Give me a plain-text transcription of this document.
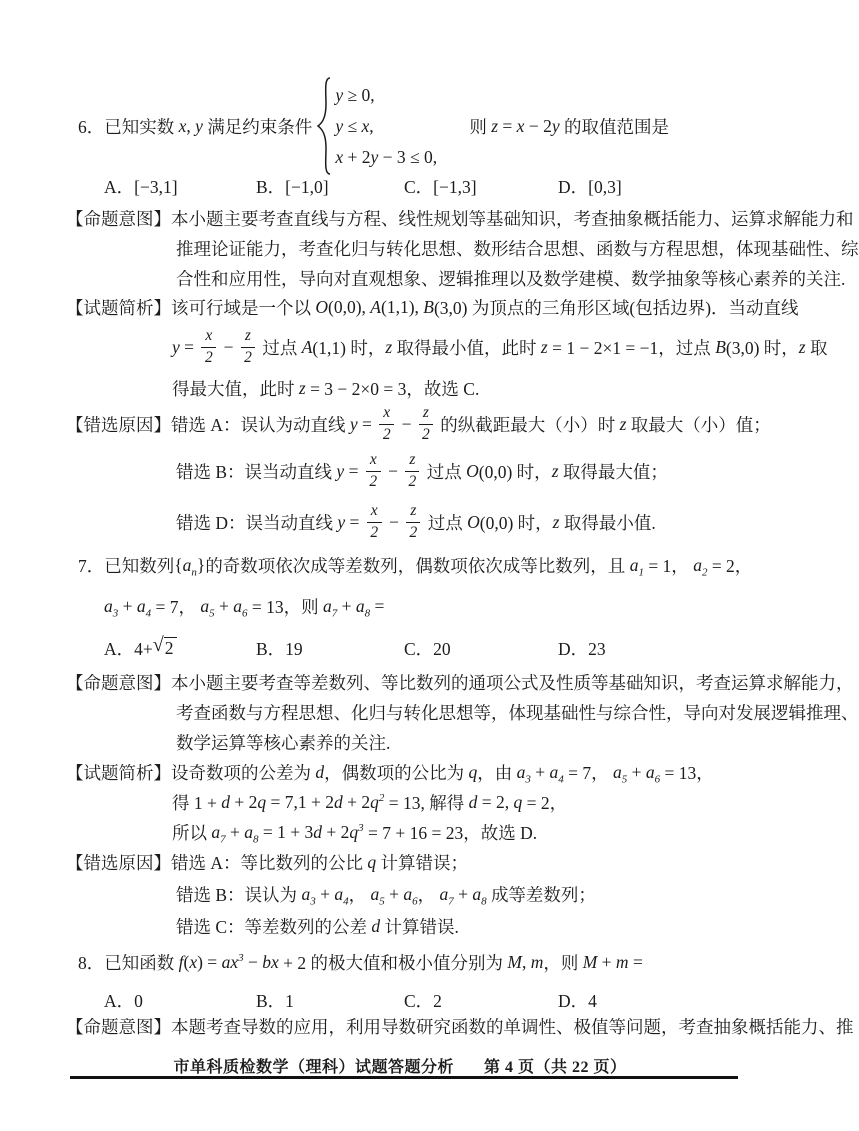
6．已知实数 x , y 满足约束条件
y ≥ 0,
y ≤ x ,
x + 2 y − 3 ≤ 0,
　  则 z = x − 2 y 的取值范围是
A．[−3,1]	B．[−1,0]	C．[−1,3]	D．[0,3]
【命题意图】本小题主要考查直线与方程、线性规划等基础知识，考查抽象概括能力、运算求解能力和
推理论证能力，考查化归与转化思想、数形结合思想、函数与方程思想，体现基础性、综
合性和应用性，导向对直观想象、逻辑推理以及数学建模、数学抽象等核心素养的关注.
【试题简析】该可行域是一个以 O (0,0), A (1,1), B (3,0) 为顶点的三角形区域(包括边界)．当动直线
$y = \frac{x}{2} - \frac{z}{2}$ 过点 A (1,1) 时， z 取得最小值，此时 z = 1 − 2×1 = −1，过点 B (3,0) 时， z 取
得最大值，此时 z = 3 − 2×0 = 3，故选 C.
【错选原因】错选 A：误认为动直线 $y = \frac{x}{2} - \frac{z}{2}$ 的纵截距最大（小）时 z 取最大（小）值；
错选 B：误当动直线 $y = \frac{x}{2} - \frac{z}{2}$ 过点 O (0,0) 时， z 取得最大值；
错选 D：误当动直线 $y = \frac{x}{2} - \frac{z}{2}$ 过点 O (0,0) 时， z 取得最小值.
7．已知数列 { $a_n$ } 的奇数项依次成等差数列，偶数项依次成等比数列，且 $a_1 = 1$， $a_2 = 2$，
$a_3 + a_4 = 7$， $a_5 + a_6 = 13$，则 $a_7 + a_8$ =
A．4+ √ 2	B．19	C．20	D．23
【命题意图】本小题主要考查等差数列、等比数列的通项公式及性质等基础知识，考查运算求解能力，
考查函数与方程思想、化归与转化思想等，体现基础性与综合性，导向对发展逻辑推理、
数学运算等核心素养的关注.
【试题简析】设奇数项的公差为 d ，偶数项的公比为 q ，由 $a_3 + a_4 = 7$， $a_5 + a_6 = 13$，
得 1 + d + 2 q = 7,1 + 2 d + 2 $q^2 = 13$, 解得 d = 2, q = 2，
所以 $a_7 + a_8 = 1 + 3$ d + 2 $q^3 = 7 + 16 = 23$，故选 D.
【错选原因】错选 A：等比数列的公比 q 计算错误；
错选 B：误认为 $a_3 + a_4$ ， $a_5 + a_6$ ， $a_7 + a_8$ 成等差数列；
错选 C：等差数列的公差 d 计算错误.
8．已知函数 f ( x ) = a $x^3$ − bx + 2 的极大值和极小值分别为 M , m ，则 M + m =
A．0	B．1	C．2	D．4
【命题意图】本题考查导数的应用，利用导数研究函数的单调性、极值等问题，考查抽象概括能力、推
市单科质检数学（理科）试题答题分析 第 4 页（共 22 页）
